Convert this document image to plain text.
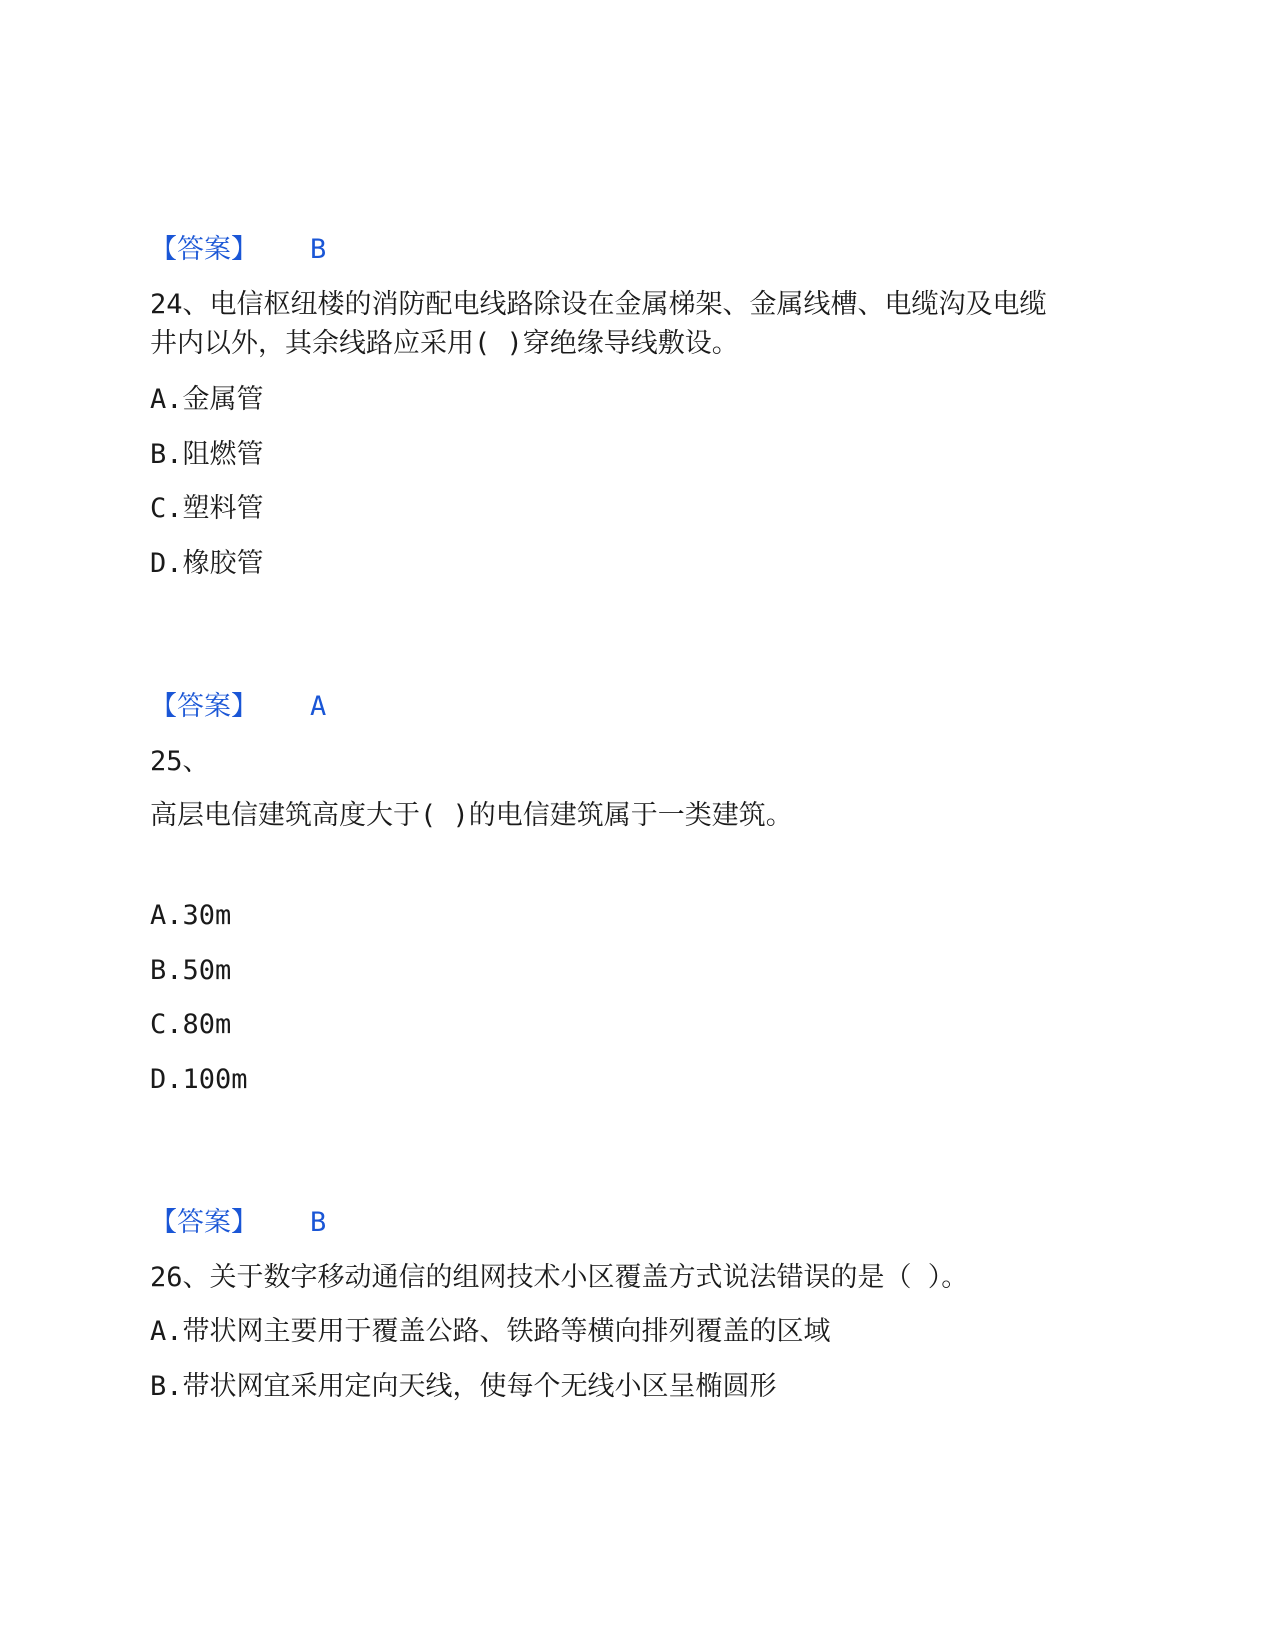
【答案】 B
24、电信枢纽楼的消防配电线路除设在金属梯架、金属线槽、电缆沟及电缆
井内以外，其余线路应采用( )穿绝缘导线敷设。
A.金属管
B.阻燃管
C.塑料管
D.橡胶管
【答案】 A
25、
高层电信建筑高度大于( )的电信建筑属于一类建筑。
A.30m
B.50m
C.80m
D.100m
【答案】 B
26、关于数字移动通信的组网技术小区覆盖方式说法错误的是（ ）。
A.带状网主要用于覆盖公路、铁路等横向排列覆盖的区域
B.带状网宜采用定向天线，使每个无线小区呈椭圆形
